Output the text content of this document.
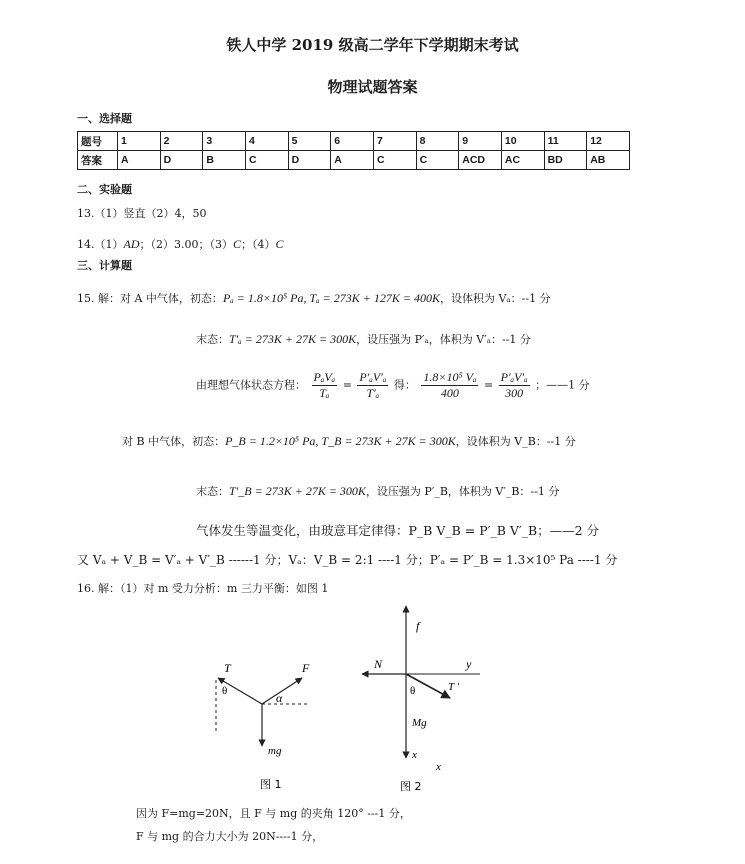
铁人中学 2019 级高二学年下学期期末考试
物理试题答案
一、选择题
题号	1	2	3	4	5	6	7	8	9	10	11	12
答案	A	D	B	C	D	A	C	C	ACD	AC	BD	AB
二、实验题
13.（1）竖直（2）4，50
14.（1）AD；（2）3.00；（3）C；（4）C
三、计算题
15. 解：对 A 中气体，初态：Pₐ = 1.8×10⁵ Pa, Tₐ = 273K + 127K = 400K，设体积为 Vₐ：--1 分
末态：T′ₐ = 273K + 27K = 300K，设压强为 P′ₐ，体积为 V′ₐ：--1 分
由理想气体状态方程：
PₐVₐ
Tₐ
= $\frac{\text{P′ₐV′ₐ}}{\text{T′ₐ}}$ 得： $\frac{\text{1.8×10⁵ Vₐ}}{400} = \frac{\text{P′ₐV′ₐ}}{300}$ ；——1 分
对 B 中气体，初态：P_B = 1.2×10⁵ Pa, T_B = 273K + 27K = 300K，设体积为 V_B：--1 分
末态：T′_B = 273K + 27K = 300K，设压强为 P′_B，体积为 V′_B：--1 分
气体发生等温变化，由玻意耳定律得：P_B V_B = P′_B V′_B；——2 分
又 Vₐ + V_B = V′ₐ + V′_B ------1 分；Vₐ：V_B = 2:1 ----1 分；P′ₐ = P′_B = 1.3×10⁵ Pa ----1 分
16. 解：（1）对 m 受力分析：m 三力平衡：如图 1
T	F
θ	α
mg
图 1
f
N	y
T ′
θ
Mg
x
x
图 2
因为 F=mg=20N，且 F 与 mg 的夹角 120° ---1 分，
F 与 mg 的合力大小为 20N----1 分，
